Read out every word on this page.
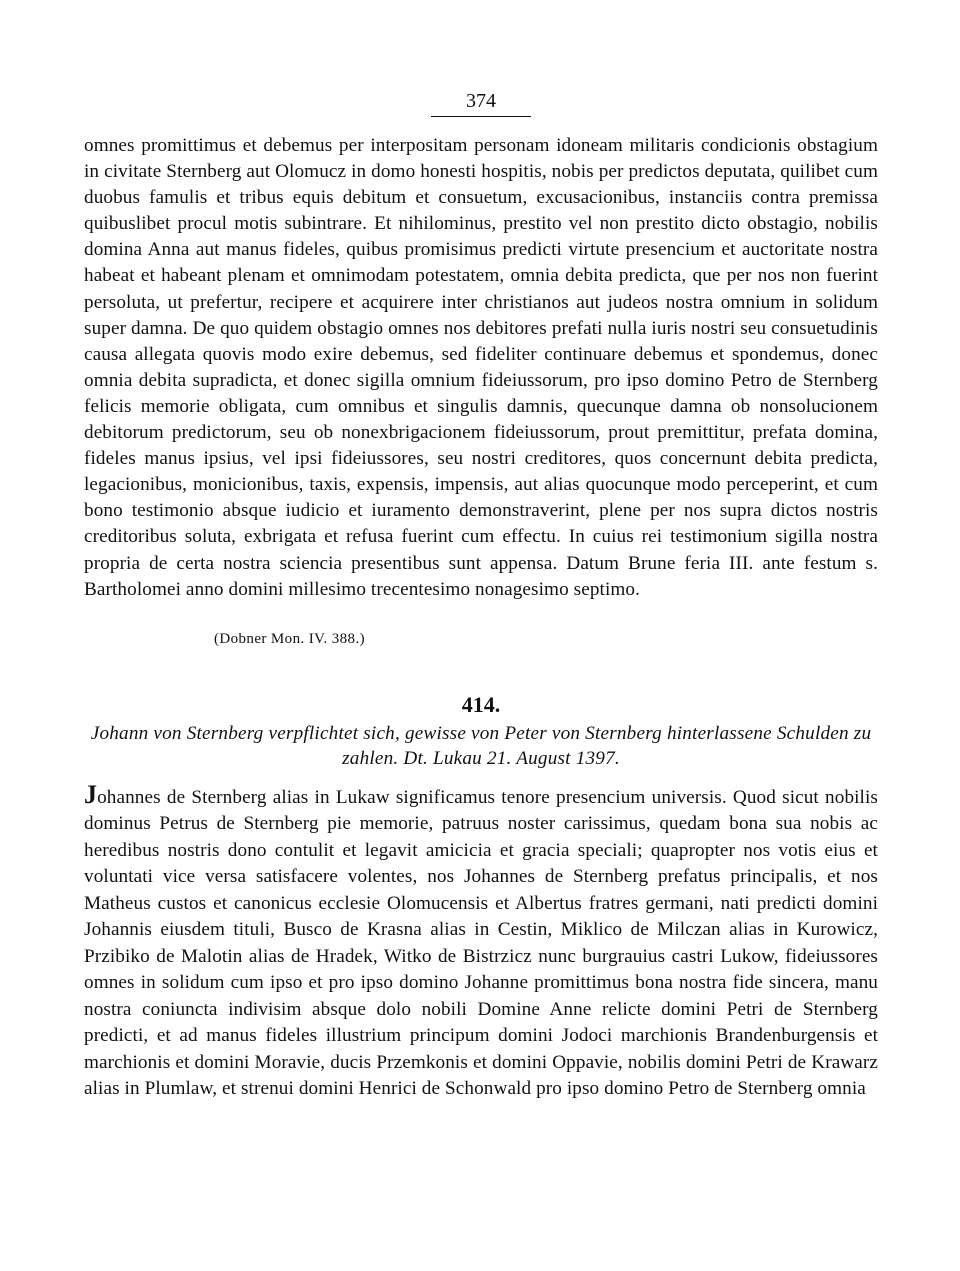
374
omnes promittimus et debemus per interpositam personam idoneam militaris condicionis obstagium in civitate Sternberg aut Olomucz in domo honesti hospitis, nobis per predictos deputata, quilibet cum duobus famulis et tribus equis debitum et consuetum, excusacionibus, instanciis contra premissa quibuslibet procul motis subintrare. Et nihilominus, prestito vel non prestito dicto obstagio, nobilis domina Anna aut manus fideles, quibus promisimus predicti virtute presencium et auctoritate nostra habeat et habeant plenam et omnimodam potestatem, omnia debita predicta, que per nos non fuerint persoluta, ut prefertur, recipere et acquirere inter christianos aut judeos nostra omnium in solidum super damna. De quo quidem obstagio omnes nos debitores prefati nulla iuris nostri seu consuetudinis causa allegata quovis modo exire debemus, sed fideliter continuare debemus et spondemus, donec omnia debita supradicta, et donec sigilla omnium fideiussorum, pro ipso domino Petro de Sternberg felicis memorie obligata, cum omnibus et singulis damnis, quecunque damna ob nonsolucionem debitorum predictorum, seu ob nonexbrigacionem fideiussorum, prout premittitur, prefata domina, fideles manus ipsius, vel ipsi fideiussores, seu nostri creditores, quos concernunt debita predicta, legacionibus, monicionibus, taxis, expensis, impensis, aut alias quocunque modo perceperint, et cum bono testimonio absque iudicio et iuramento demonstraverint, plene per nos supra dictos nostris creditoribus soluta, exbrigata et refusa fuerint cum effectu. In cuius rei testimonium sigilla nostra propria de certa nostra sciencia presentibus sunt appensa. Datum Brune feria III. ante festum s. Bartholomei anno domini millesimo trecentesimo nonagesimo septimo.
(Dobner Mon. IV. 388.)
414.
Johann von Sternberg verpflichtet sich, gewisse von Peter von Sternberg hinterlassene Schulden zu zahlen. Dt. Lukau 21. August 1397.
Johannes de Sternberg alias in Lukaw significamus tenore presencium universis. Quod sicut nobilis dominus Petrus de Sternberg pie memorie, patruus noster carissimus, quedam bona sua nobis ac heredibus nostris dono contulit et legavit amicicia et gracia speciali; quapropter nos votis eius et voluntati vice versa satisfacere volentes, nos Johannes de Sternberg prefatus principalis, et nos Matheus custos et canonicus ecclesie Olomucensis et Albertus fratres germani, nati predicti domini Johannis eiusdem tituli, Busco de Krasna alias in Cestin, Miklico de Milczan alias in Kurowicz, Przibiko de Malotin alias de Hradek, Witko de Bistrzicz nunc burgrauius castri Lukow, fideiussores omnes in solidum cum ipso et pro ipso domino Johanne promittimus bona nostra fide sincera, manu nostra coniuncta indivisim absque dolo nobili Domine Anne relicte domini Petri de Sternberg predicti, et ad manus fideles illustrium principum domini Jodoci marchionis Brandenburgensis et marchionis et domini Moravie, ducis Przemkonis et domini Oppavie, nobilis domini Petri de Krawarz alias in Plumlaw, et strenui domini Henrici de Schonwald pro ipso domino Petro de Sternberg omnia
